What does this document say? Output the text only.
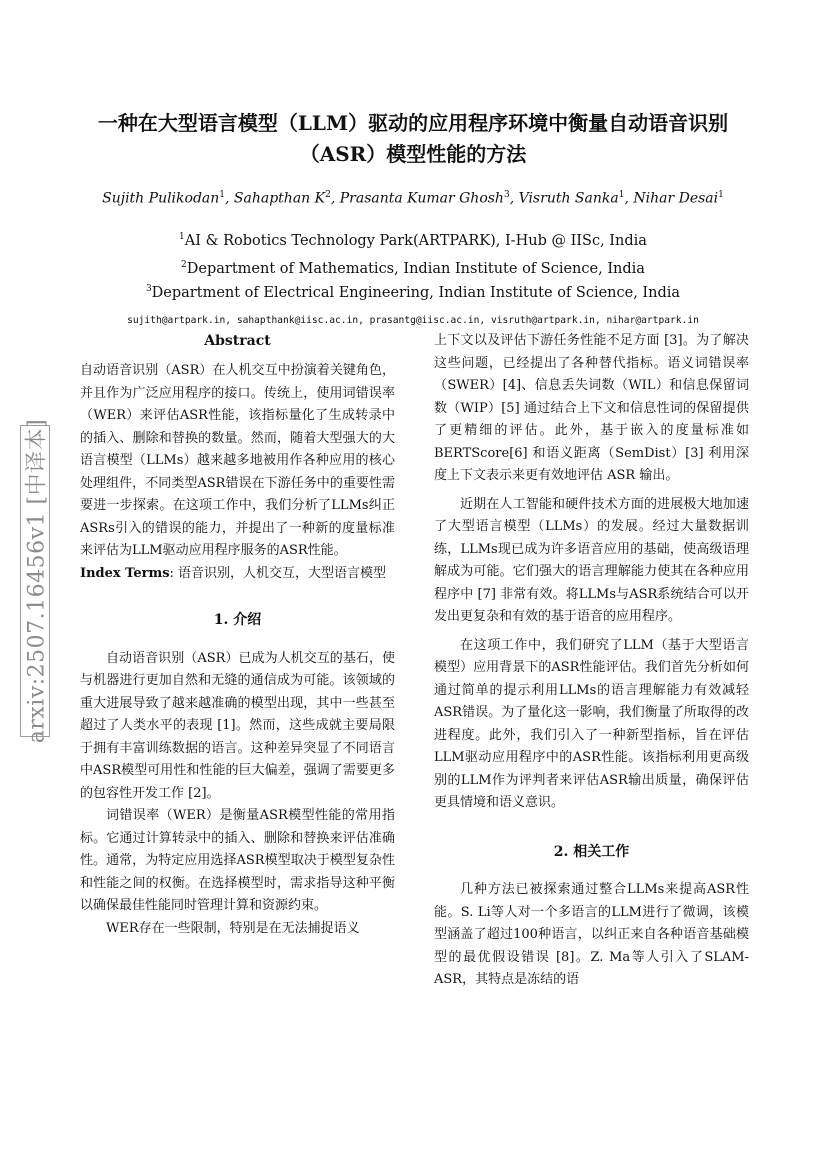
一种在大型语言模型（LLM）驱动的应用程序环境中衡量自动语音识别
（ASR）模型性能的方法
Sujith Pulikodan$^1$, Sahapthan $K^2$, Prasanta Kumar Ghosh$^3$, Visruth Sanka$^1$, Nihar Desai$^1$
$^1$AI & Robotics Technology Park(ARTPARK), I-Hub @ IISc, India
$^2$Department of Mathematics, Indian Institute of Science, India
$^3$Department of Electrical Engineering, Indian Institute of Science, India
sujith@artpark.in, sahapthank@iisc.ac.in, prasantg@iisc.ac.in, visruth@artpark.in, nihar@artpark.in
arxiv:2507.16456v1 [中译本]
Abstract

自动语音识别（ASR）在人机交互中扮演着关键角色，并且作为广泛应用程序的接口。传统上，使用词错误率（WER）来评估ASR性能，该指标量化了生成转录中的插入、删除和替换的数量。然而，随着大型强大的大语言模型（LLMs）越来越多地被用作各种应用的核心处理组件，不同类型ASR错误在下游任务中的重要性需要进一步探索。在这项工作中，我们分析了LLMs纠正ASRs引入的错误的能力，并提出了一种新的度量标准来评估为LLM驱动应用程序服务的ASR性能。

Index Terms: 语音识别，人机交互，大型语言模型

1. 介绍

自动语音识别（ASR）已成为人机交互的基石，使与机器进行更加自然和无缝的通信成为可能。该领域的重大进展导致了越来越准确的模型出现，其中一些甚至超过了人类水平的表现 [1]。然而，这些成就主要局限于拥有丰富训练数据的语言。这种差异突显了不同语言中ASR模型可用性和性能的巨大偏差，强调了需要更多的包容性开发工作 [2]。

词错误率（WER）是衡量ASR模型性能的常用指标。它通过计算转录中的插入、删除和替换来评估准确性。通常，为特定应用选择ASR模型取决于模型复杂性和性能之间的权衡。在选择模型时，需求指导这种平衡以确保最佳性能同时管理计算和资源约束。

WER存在一些限制，特别是在无法捕捉语义

上下文以及评估下游任务性能不足方面 [3]。为了解决这些问题，已经提出了各种替代指标。语义词错误率（SWER）[4]、信息丢失词数（WIL）和信息保留词数（WIP）[5] 通过结合上下文和信息性词的保留提供了更精细的评估。此外，基于嵌入的度量标准如 BERTScore[6] 和语义距离（SemDist）[3] 利用深度上下文表示来更有效地评估 ASR 输出。

近期在人工智能和硬件技术方面的进展极大地加速了大型语言模型（LLMs）的发展。经过大量数据训练，LLMs现已成为许多语音应用的基础，使高级语理解成为可能。它们强大的语言理解能力使其在各种应用程序中 [7] 非常有效。将LLMs与ASR系统结合可以开发出更复杂和有效的基于语音的应用程序。

在这项工作中，我们研究了LLM（基于大型语言模型）应用背景下的ASR性能评估。我们首先分析如何通过简单的提示利用LLMs的语言理解能力有效减轻ASR错误。为了量化这一影响，我们衡量了所取得的改进程度。此外，我们引入了一种新型指标，旨在评估LLM驱动应用程序中的ASR性能。该指标利用更高级别的LLM作为评判者来评估ASR输出质量，确保评估更具情境和语义意识。

2. 相关工作

几种方法已被探索通过整合LLMs来提高ASR性能。S. Li等人对一个多语言的LLM进行了微调，该模型涵盖了超过100种语言，以纠正来自各种语音基础模型的最优假设错误 [8]。Z. Ma等人引入了SLAM-ASR，其特点是冻结的语
